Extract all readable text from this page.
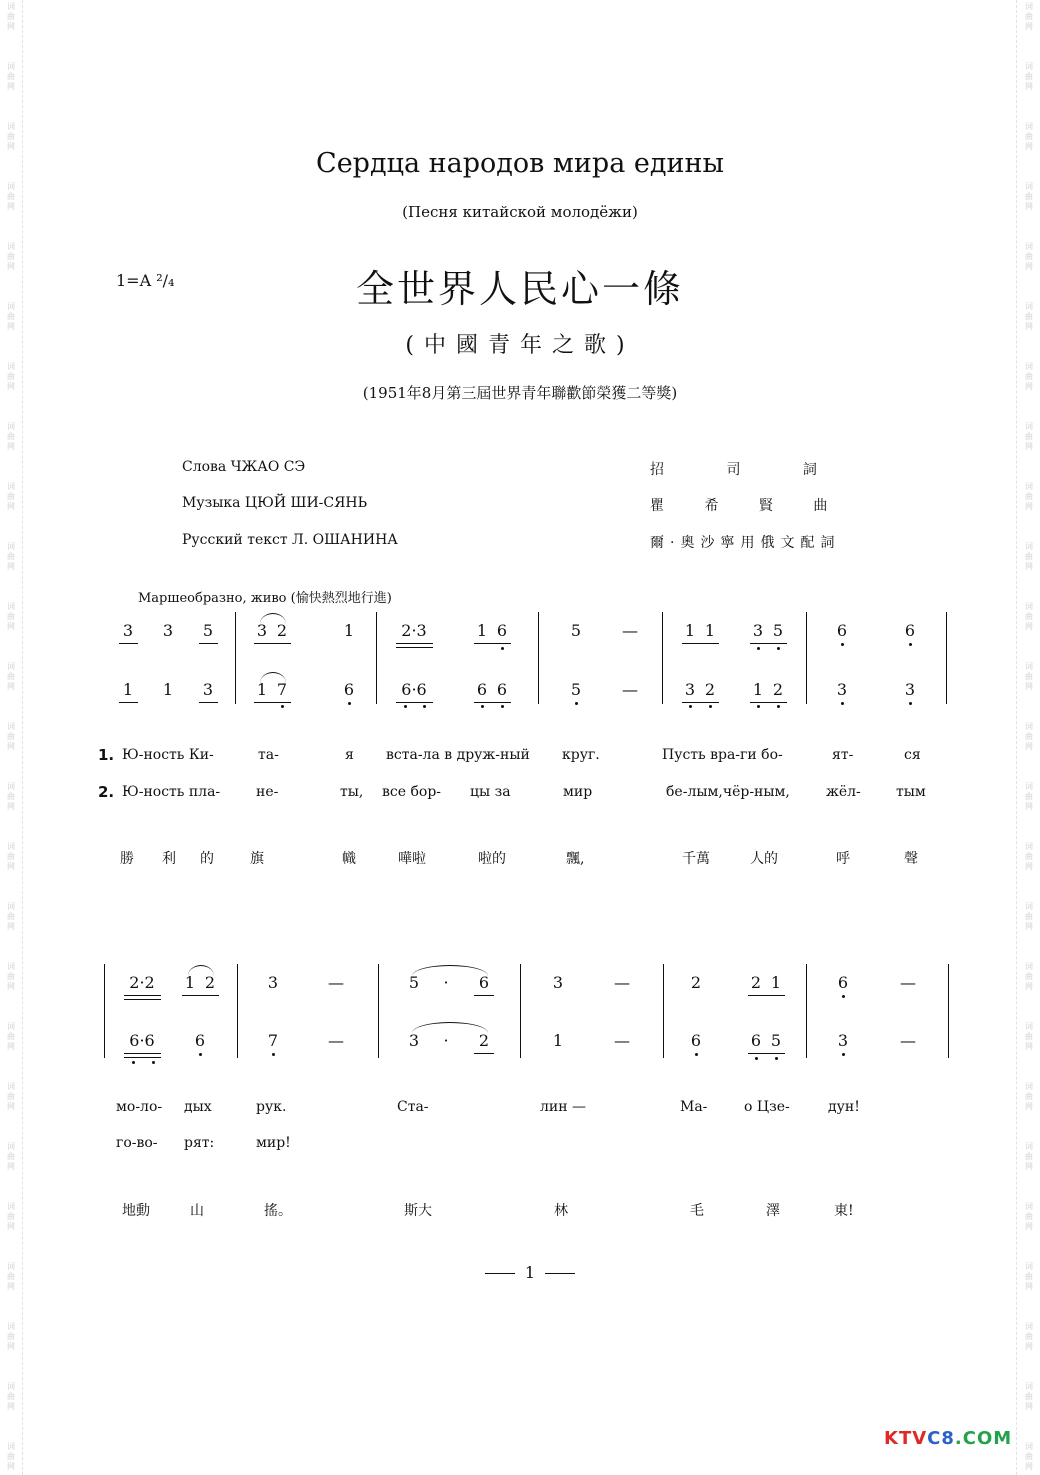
词
曲
网
词
曲
网
词
曲
网
词
曲
网
词
曲
网
词
曲
网
词
曲
网
词
曲
网
词
曲
网
词
曲
网
词
曲
网
词
曲
网
词
曲
网
词
曲
网
词
曲
网
词
曲
网
词
曲
网
词
曲
网
词
曲
网
词
曲
网
词
曲
网
词
曲
网
词
曲
网
词
曲
网
词
曲
网
词
曲
网
词
曲
网
词
曲
网
词
曲
网
词
曲
网
词
曲
网
词
曲
网
词
曲
网
词
曲
网
词
曲
网
词
曲
网
词
曲
网
词
曲
网
词
曲
网
词
曲
网
词
曲
网
词
曲
网
词
曲
网
词
曲
网
词
曲
网
词
曲
网
词
曲
网
词
曲
网
词
曲
网
词
曲
网
Сердца народов мира едины
(Песня китайской молодёжи)
1=A ²/₄	全世界人民心一條
(中國青年之歌)
(1951年8月第三屆世界青年聯歡節榮獲二等獎)
Слова ЧЖАО СЭ
Музыка ЦЮЙ ШИ-СЯНЬ
Русский текст Л. ОШАНИНА
招 司 詞
瞿 希 賢 曲
爾·奧沙寧用俄文配詞
Маршеобразно, живо (愉快熱烈地行進)
3 3 5	3 2	1	2·3	1 6	5	—	1 1 3 5	6	6
1 1 3	1 7	6	6·6	6 6	5	—	3 2 1 2	3	3
1. Ю-ность Ки-	та-	я вста-ла в друж-ный круг.	Пусть вра-ги бо-	ят-	ся
2. Ю-ность пла-	не-	ты, все бор- цы за	мир	бе-лым,чёр-ным,	жёл-	тым
勝 利 的	旗	幟	嘩啦	啦的	飄,	千萬	人的	呼	聲
2·2 1 2	3	—	5 · 6	3	—	2	2 1	6	—
6·6	6	7	—	3 · 2	1	—	6	6 5	3	—
мо-ло- дых	рук.	Ста-	лин —	Ма-	о Цзе-	дун!
го-во- рят:	мир!
地動	山	搖。	斯大	林	毛	澤	東!
1
KTVC8.COM
